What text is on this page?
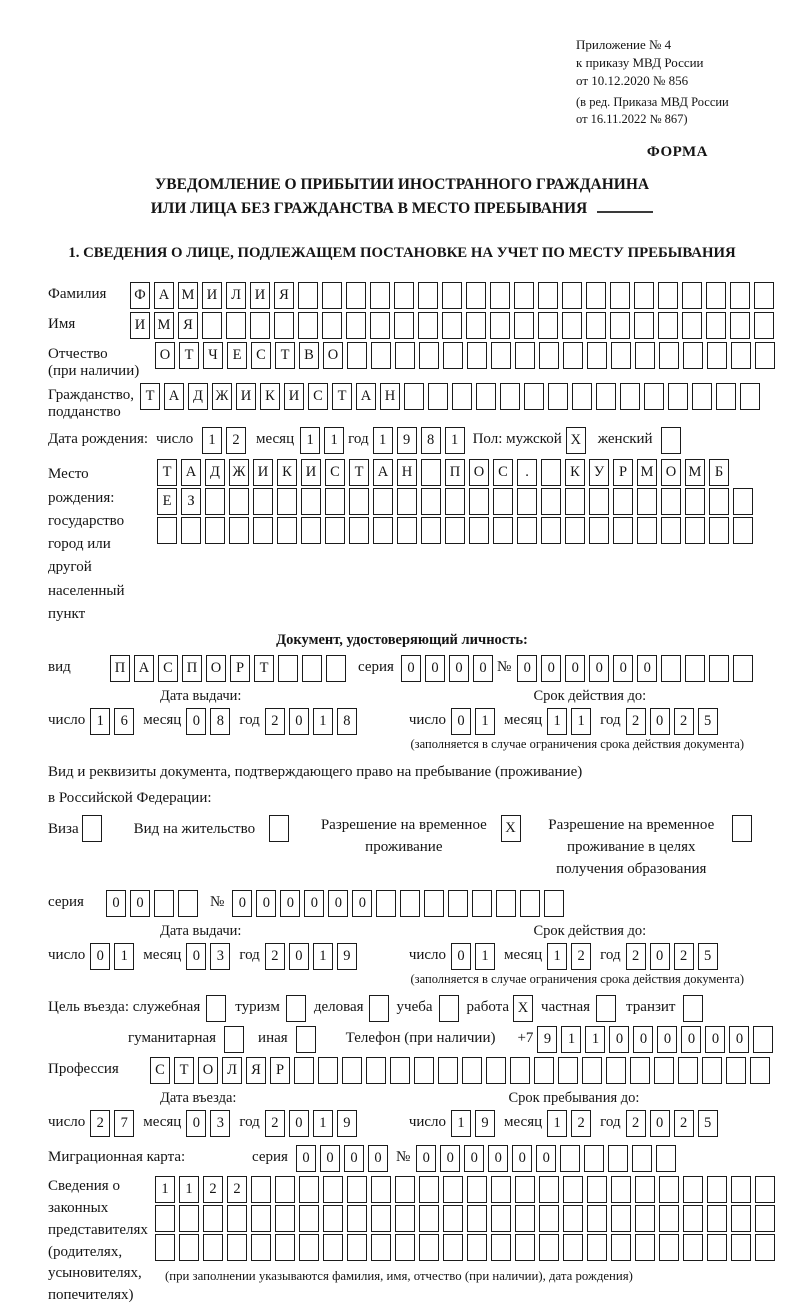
Приложение № 4
к приказу МВД России
от 10.12.2020 № 856
(в ред. Приказа МВД России
от 16.11.2022 № 867)
ФОРМА
УВЕДОМЛЕНИЕ О ПРИБЫТИИ ИНОСТРАННОГО ГРАЖДАНИНА
ИЛИ ЛИЦА БЕЗ ГРАЖДАНСТВА В МЕСТО ПРЕБЫВАНИЯ
1. СВЕДЕНИЯ О ЛИЦЕ, ПОДЛЕЖАЩЕМ ПОСТАНОВКЕ НА УЧЕТ ПО МЕСТУ ПРЕБЫВАНИЯ
Фамилия	Ф А М И Л И Я
Имя	И М Я
Отчество
(при наличии)
О Т	Ч	Е	С	Т	В О
Гражданство,
подданство
Т А Д Ж И К И С	Т А Н
Дата рождения: число	1	2	месяц 1	1 год 1	9	8	1 Пол: мужской X	женский
Место рождения:
государство
город или другой
населенный пункт
Т А Д Ж И К И С	Т А Н	П О С	.	К У	Р М О М Б
Е	З
Документ, удостоверяющий личность:
вид	П А С П О	Р	Т	серия 0	0	0	0 № 0	0	0	0	0	0
Дата выдачи:	Срок действия до:
число 1	6	месяц 0	8	год 2	0	1	8	число 0	1	месяц 1	1	год 2	0	2	5
(заполняется в случае ограничения срока действия документа)
Вид и реквизиты документа, подтверждающего право на пребывание (проживание)
в Российской Федерации:
Виза	Вид на жительство	Разрешение на временное проживание
X	Разрешение на временное проживание в целях получения образования
серия	0	0	№ 0	0	0	0	0	0
Дата выдачи:	Срок действия до:
число 0	1	месяц 0	3	год 2	0	1	9	число 0	1	месяц 1	2	год 2	0	2	5
(заполняется в случае ограничения срока действия документа)
Цель въезда: служебная туризм деловая учеба работа X частная транзит
гуманитарная	иная	Телефон (при наличии) +7 9	1	1	0	0	0	0	0	0
Профессия	С	Т О Л Я	Р
Дата въезда:	Срок пребывания до:
число 2	7	месяц 0	3	год 2	0	1	9	число 1	9	месяц 1	2	год 2	0	2	5
Миграционная карта:	серия 0	0	0	0 № 0	0	0	0	0	0
Сведения о
законных
представителях
(родителях,
усыновителях,
попечителях)
1	1	2	2
(при заполнении указываются фамилия, имя, отчество (при наличии), дата рождения)
